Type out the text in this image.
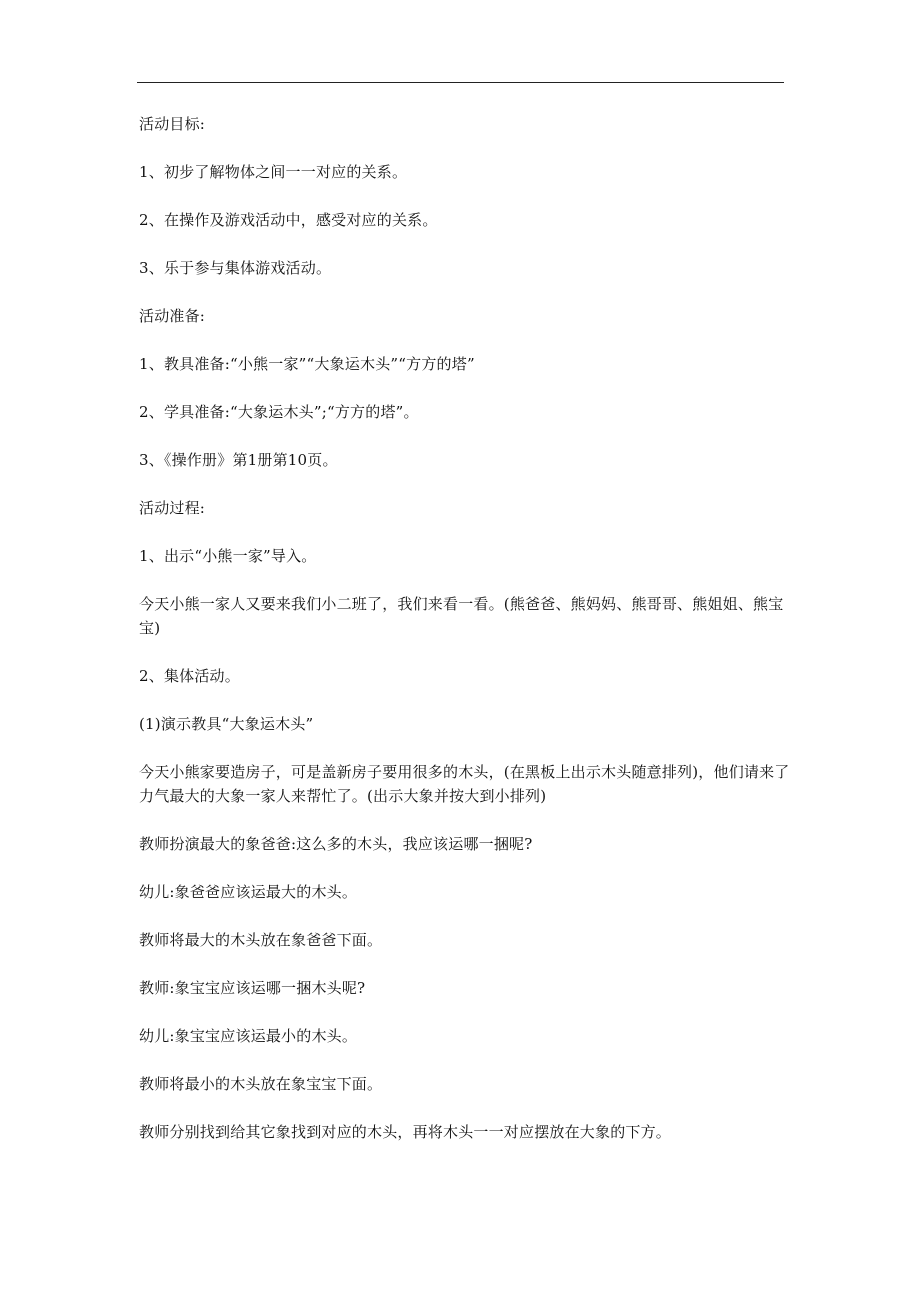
活动目标:

1、初步了解物体之间一一对应的关系。

2、在操作及游戏活动中，感受对应的关系。

3、乐于参与集体游戏活动。

活动准备:

1、教具准备:“小熊一家”“大象运木头”“方方的塔”

2、学具准备:“大象运木头”;“方方的塔”。

3、《操作册》第1册第10页。

活动过程:

1、出示“小熊一家”导入。

今天小熊一家人又要来我们小二班了，我们来看一看。(熊爸爸、熊妈妈、熊哥哥、熊姐姐、熊宝宝)

2、集体活动。

(1)演示教具“大象运木头”

今天小熊家要造房子，可是盖新房子要用很多的木头，(在黑板上出示木头随意排列)，他们请来了力气最大的大象一家人来帮忙了。(出示大象并按大到小排列)

教师扮演最大的象爸爸:这么多的木头，我应该运哪一捆呢?

幼儿:象爸爸应该运最大的木头。

教师将最大的木头放在象爸爸下面。

教师:象宝宝应该运哪一捆木头呢?

幼儿:象宝宝应该运最小的木头。

教师将最小的木头放在象宝宝下面。

教师分别找到给其它象找到对应的木头，再将木头一一对应摆放在大象的下方。
